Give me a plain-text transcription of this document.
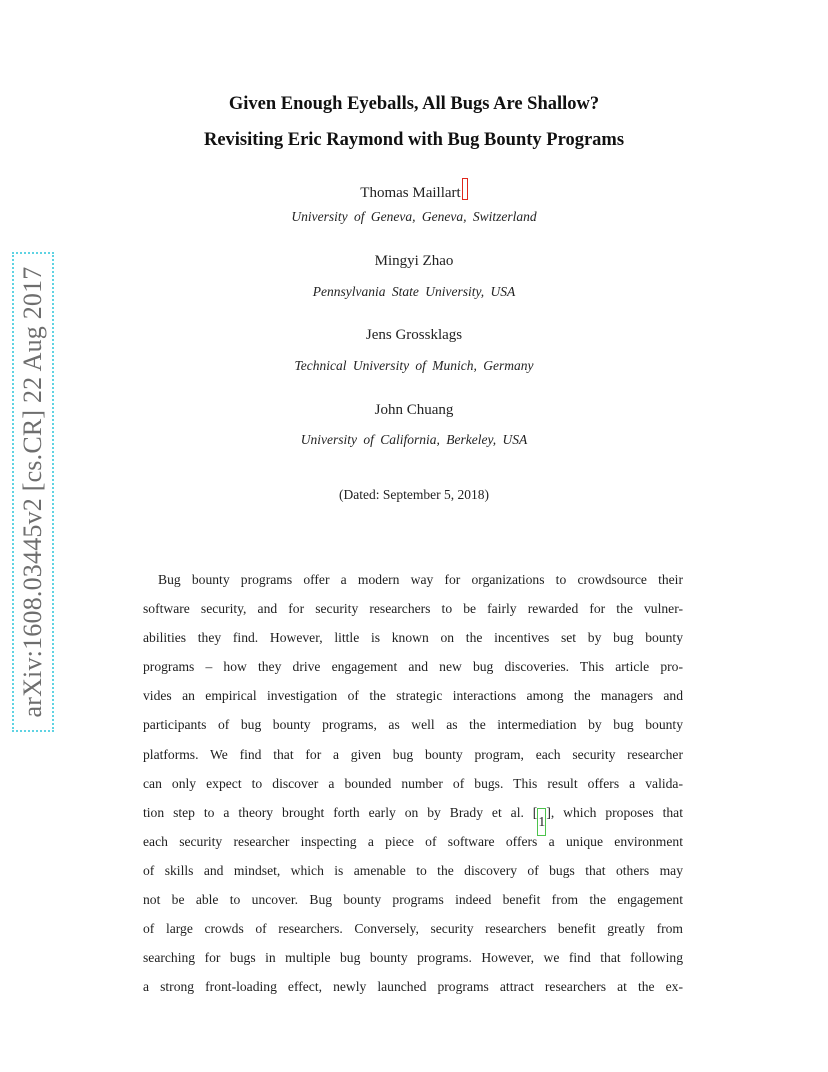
arXiv:1608.03445v2 [cs.CR] 22 Aug 2017
Given Enough Eyeballs, All Bugs Are Shallow?
Revisiting Eric Raymond with Bug Bounty Programs
Thomas Maillart
University of Geneva, Geneva, Switzerland
Mingyi Zhao
Pennsylvania State University, USA
Jens Grossklags
Technical University of Munich, Germany
John Chuang
University of California, Berkeley, USA
(Dated: September 5, 2018)
Bug bounty programs offer a modern way for organizations to crowdsource their
software security, and for security researchers to be fairly rewarded for the vulner-
abilities they find. However, little is known on the incentives set by bug bounty
programs – how they drive engagement and new bug discoveries. This article pro-
vides an empirical investigation of the strategic interactions among the managers and
participants of bug bounty programs, as well as the intermediation by bug bounty
platforms. We find that for a given bug bounty program, each security researcher
can only expect to discover a bounded number of bugs. This result offers a valida-
tion step to a theory brought forth early on by Brady et al. [1], which proposes that
each security researcher inspecting a piece of software offers a unique environment
of skills and mindset, which is amenable to the discovery of bugs that others may
not be able to uncover. Bug bounty programs indeed benefit from the engagement
of large crowds of researchers. Conversely, security researchers benefit greatly from
searching for bugs in multiple bug bounty programs. However, we find that following
a strong front-loading effect, newly launched programs attract researchers at the ex-
